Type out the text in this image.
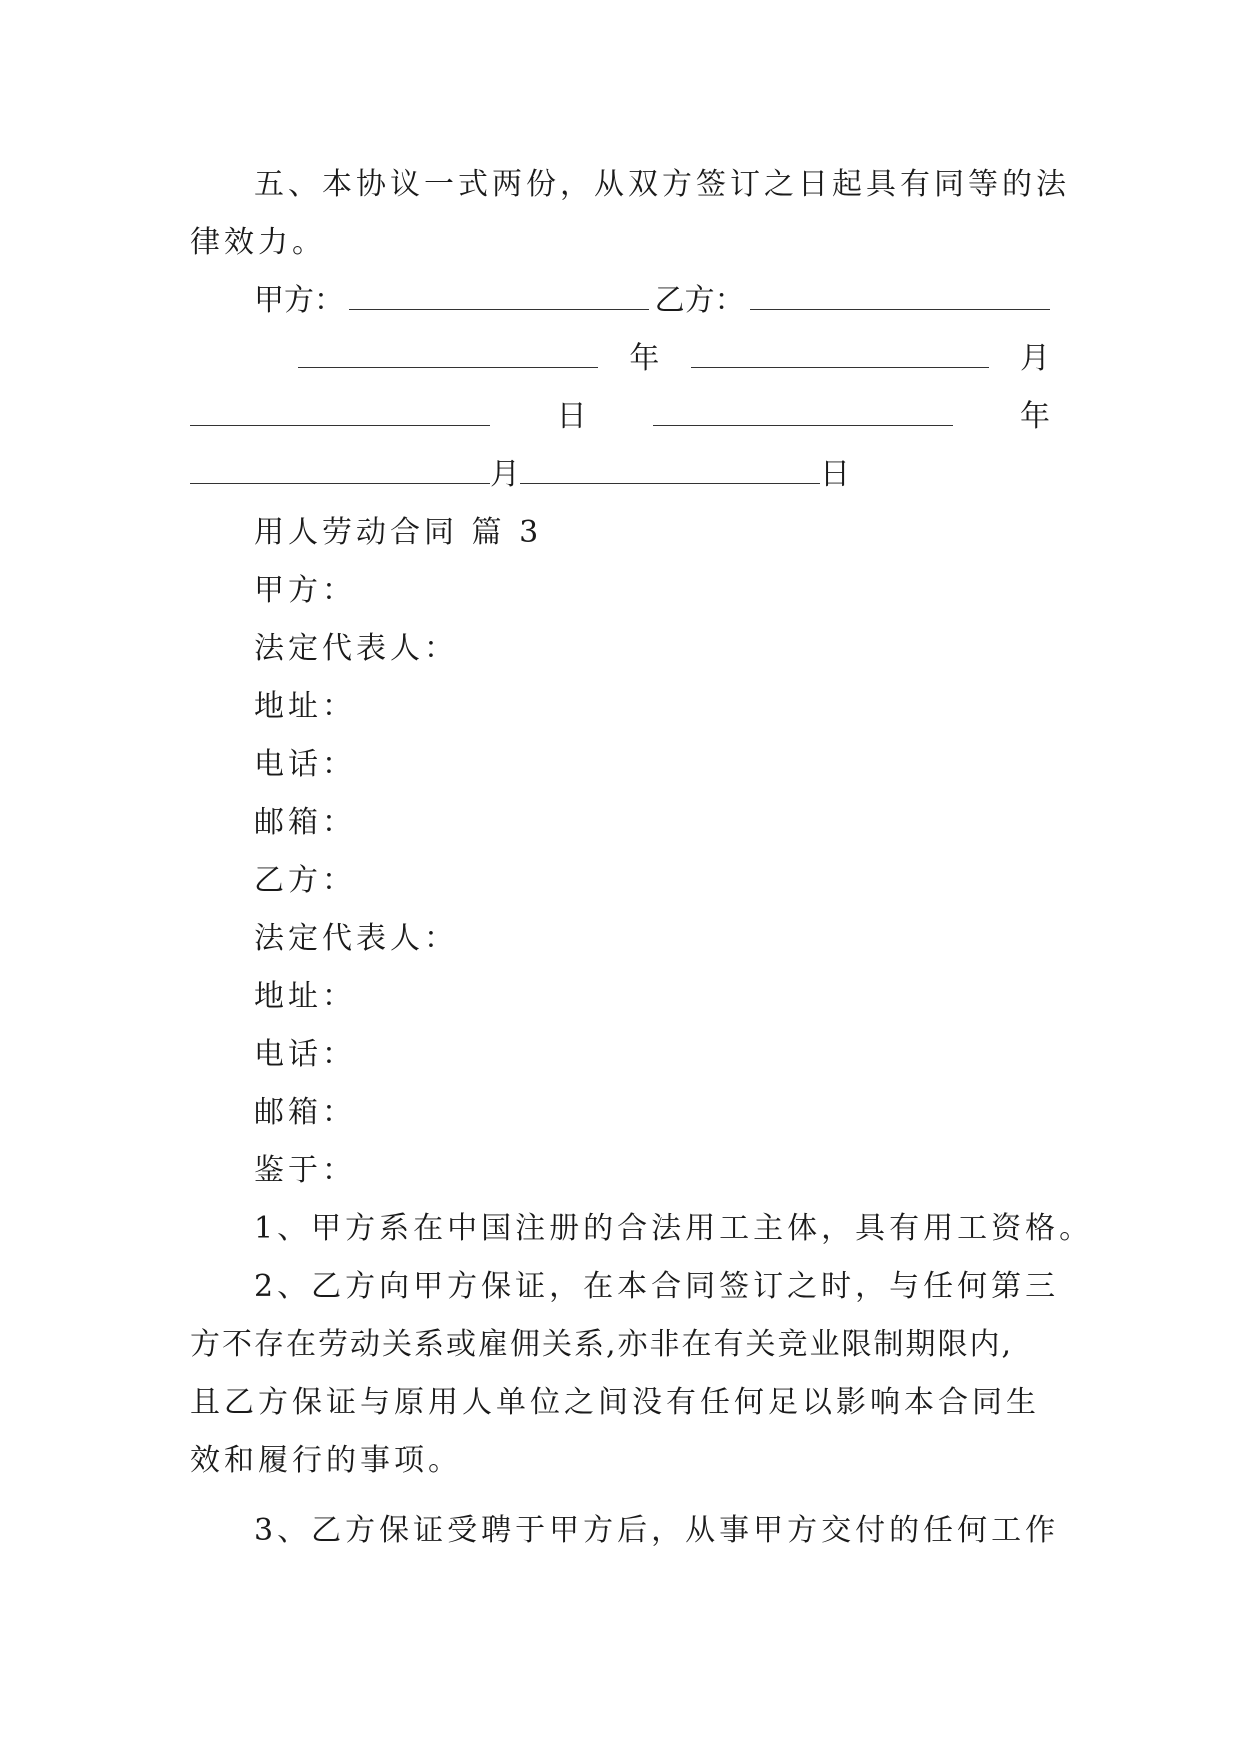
五、本协议一式两份，从双方签订之日起具有同等的法
律效力。
甲方：	乙方：
年	月
日	年
月	日
用人劳动合同 篇 3
甲方：
法定代表人：
地址：
电话：
邮箱：
乙方：
法定代表人：
地址：
电话：
邮箱：
鉴于：
1、甲方系在中国注册的合法用工主体，具有用工资格。
2、乙方向甲方保证，在本合同签订之时，与任何第三
方不存在劳动关系或雇佣关系,亦非在有关竞业限制期限内,
且乙方保证与原用人单位之间没有任何足以影响本合同生
效和履行的事项。
3、乙方保证受聘于甲方后，从事甲方交付的任何工作
